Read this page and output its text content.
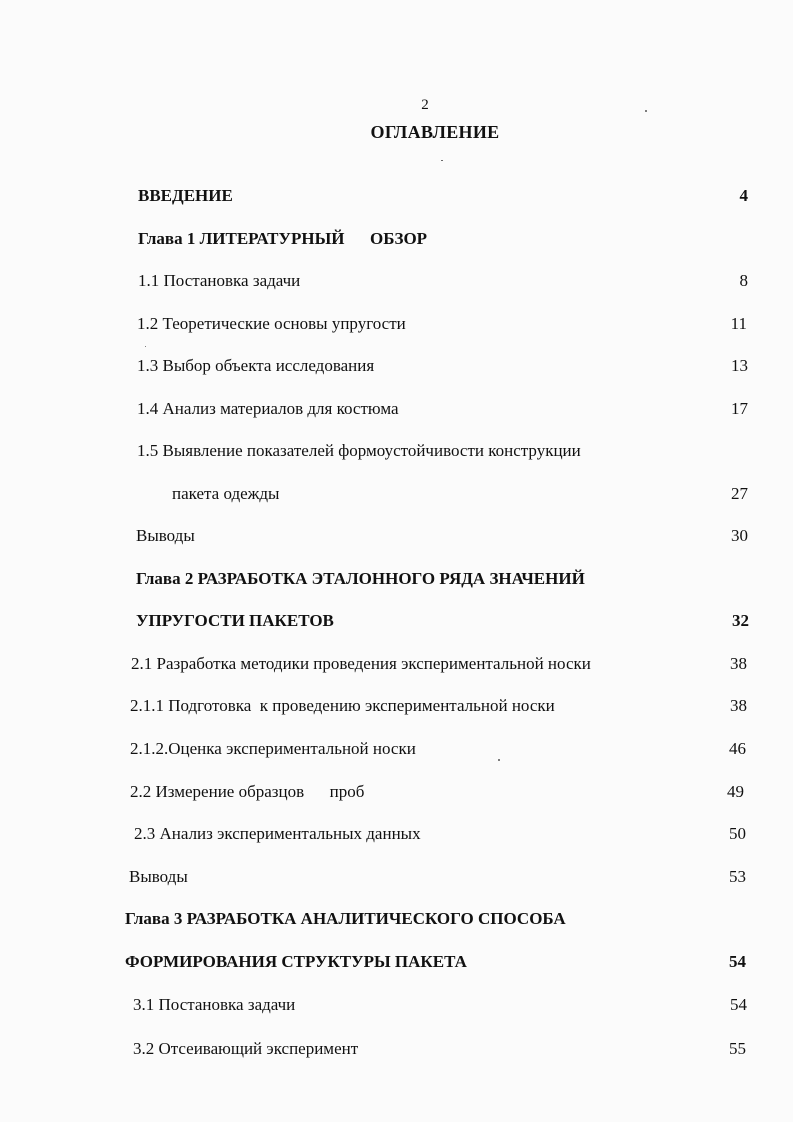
2
ОГЛАВЛЕНИЕ
ВВЕДЕНИЕ	4
Глава 1 ЛИТЕРАТУРНЫЙ      ОБЗОР
1.1 Постановка задачи	8
1.2 Теоретические основы упругости	11
1.3 Выбор объекта исследования	13
1.4 Анализ материалов для костюма	17
1.5 Выявление показателей формоустойчивости конструкции
пакета одежды	27
Выводы	30
Глава 2 РАЗРАБОТКА ЭТАЛОННОГО РЯДА ЗНАЧЕНИЙ
УПРУГОСТИ ПАКЕТОВ	32
2.1 Разработка методики проведения экспериментальной носки	38
2.1.1 Подготовка  к проведению экспериментальной носки	38
2.1.2.Оценка экспериментальной носки	46
2.2 Измерение образцов      проб	49
2.3 Анализ экспериментальных данных	50
Выводы	53
Глава 3 РАЗРАБОТКА АНАЛИТИЧЕСКОГО СПОСОБА
ФОРМИРОВАНИЯ СТРУКТУРЫ ПАКЕТА	54
3.1 Постановка задачи	54
3.2 Отсеивающий эксперимент	55
